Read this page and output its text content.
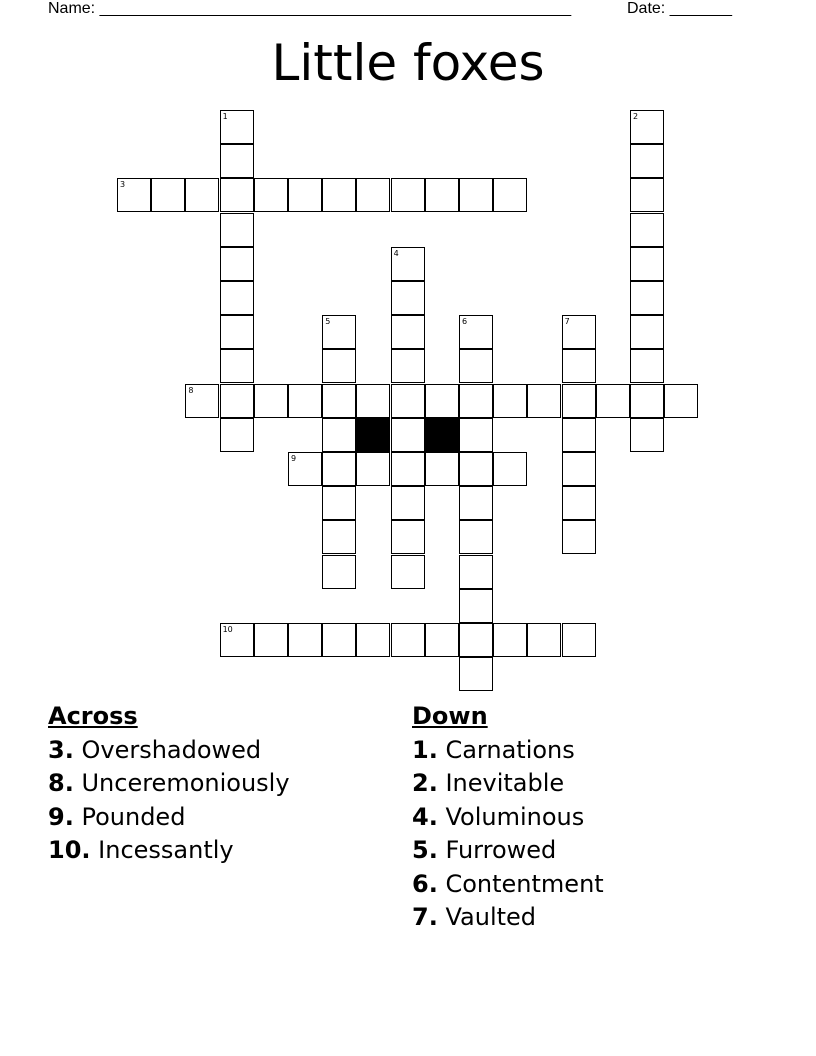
Name: _____________________________________________________	Date: _______
Little foxes
3
8
9
10
1	2
4
5	6	7
Across
3. Overshadowed
8. Unceremoniously
9. Pounded
10. Incessantly
Down
1. Carnations
2. Inevitable
4. Voluminous
5. Furrowed
6. Contentment
7. Vaulted
